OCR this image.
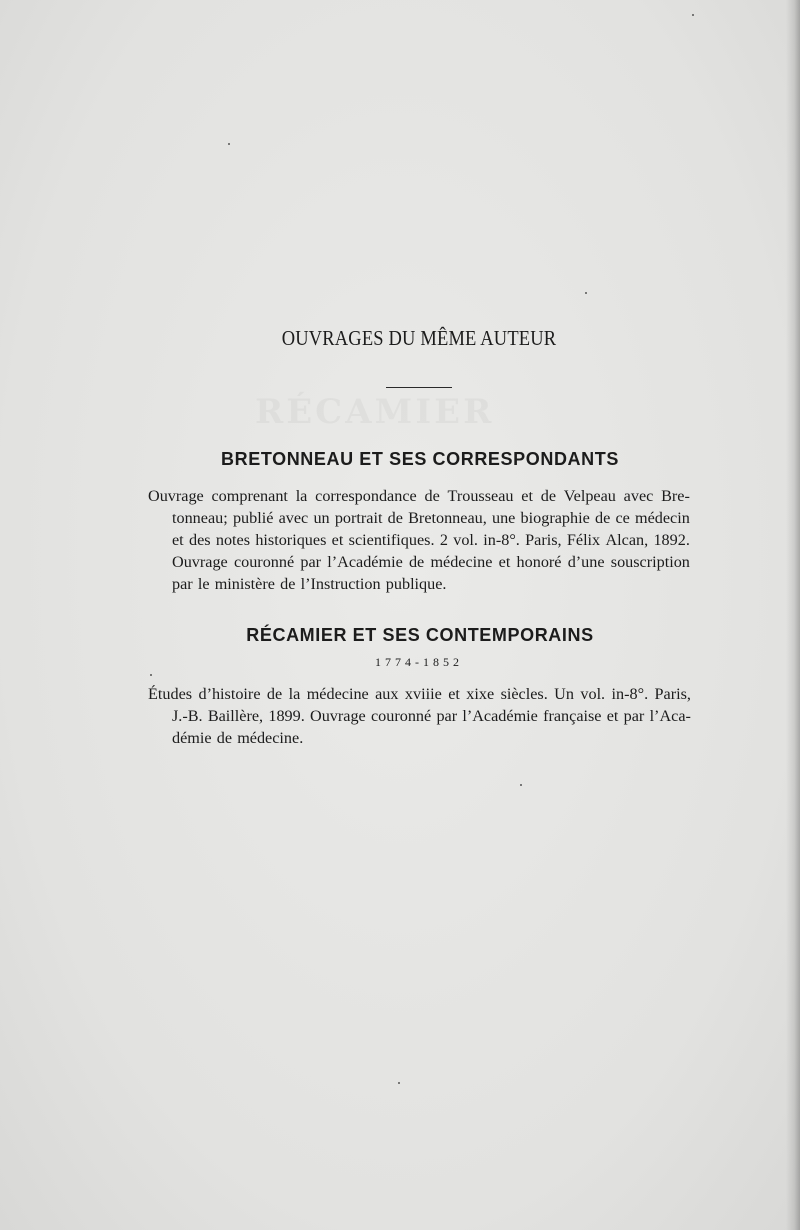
OUVRAGES DU MÊME AUTEUR
BRETONNEAU ET SES CORRESPONDANTS
Ouvrage comprenant la correspondance de Trousseau et de Velpeau avec Bre-
tonneau; publié avec un portrait de Bretonneau, une biographie de ce médecin
et des notes historiques et scientifiques. 2 vol. in-8°. Paris, Félix Alcan, 1892.
Ouvrage couronné par l’Académie de médecine et honoré d’une souscription
par le ministère de l’Instruction publique.
RÉCAMIER ET SES CONTEMPORAINS
1774-1852
Études d’histoire de la médecine aux xviiie et xixe siècles. Un vol. in-8°. Paris,
J.-B. Baillère, 1899. Ouvrage couronné par l’Académie française et par l’Aca-
démie de médecine.
